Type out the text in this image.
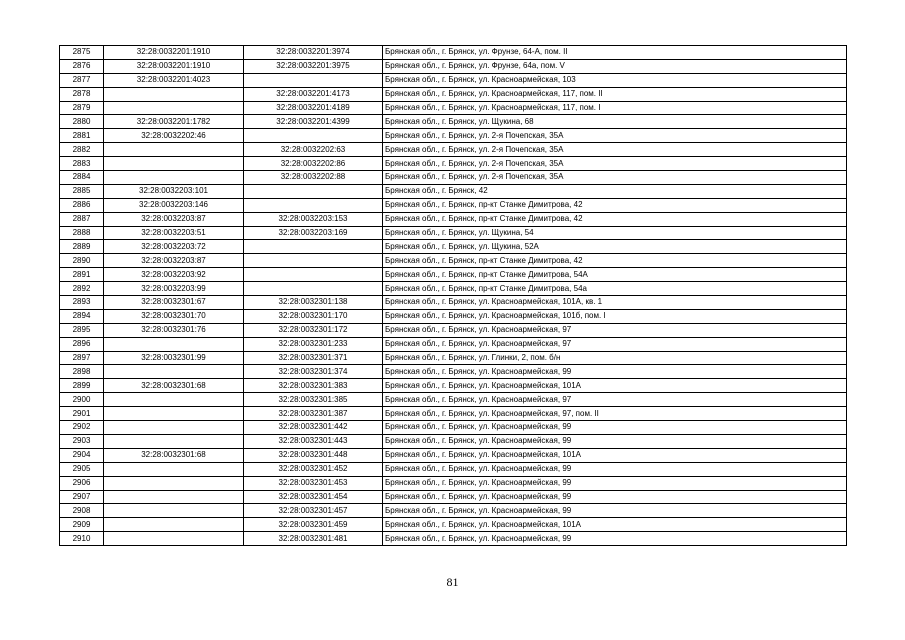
2875	32:28:0032201:1910	32:28:0032201:3974	Брянская обл., г. Брянск, ул. Фрунзе, 64-А, пом. II
2876	32:28:0032201:1910	32:28:0032201:3975	Брянская обл., г. Брянск, ул. Фрунзе, 64а, пом. V
2877	32:28:0032201:4023		Брянская обл., г. Брянск, ул. Красноармейская, 103
2878		32:28:0032201:4173	Брянская обл., г. Брянск, ул. Красноармейская, 117, пом. II
2879		32:28:0032201:4189	Брянская обл., г. Брянск, ул. Красноармейская, 117, пом. I
2880	32:28:0032201:1782	32:28:0032201:4399	Брянская обл., г. Брянск, ул. Щукина, 68
2881	32:28:0032202:46		Брянская обл., г. Брянск, ул. 2-я Почепская, 35А
2882		32:28:0032202:63	Брянская обл., г. Брянск, ул. 2-я Почепская, 35А
2883		32:28:0032202:86	Брянская обл., г. Брянск, ул. 2-я Почепская, 35А
2884		32:28:0032202:88	Брянская обл., г. Брянск, ул. 2-я Почепская, 35А
2885	32:28:0032203:101		Брянская обл., г. Брянск, 42
2886	32:28:0032203:146		Брянская обл., г. Брянск, пр-кт Станке Димитрова, 42
2887	32:28:0032203:87	32:28:0032203:153	Брянская обл., г. Брянск, пр-кт Станке Димитрова, 42
2888	32:28:0032203:51	32:28:0032203:169	Брянская обл., г. Брянск, ул. Щукина, 54
2889	32:28:0032203:72		Брянская обл., г. Брянск, ул. Щукина, 52А
2890	32:28:0032203:87		Брянская обл., г. Брянск, пр-кт Станке Димитрова, 42
2891	32:28:0032203:92		Брянская обл., г. Брянск, пр-кт Станке Димитрова, 54А
2892	32:28:0032203:99		Брянская обл., г. Брянск, пр-кт Станке Димитрова, 54а
2893	32:28:0032301:67	32:28:0032301:138	Брянская обл., г. Брянск, ул. Красноармейская, 101А, кв. 1
2894	32:28:0032301:70	32:28:0032301:170	Брянская обл., г. Брянск, ул. Красноармейская, 101б, пом. I
2895	32:28:0032301:76	32:28:0032301:172	Брянская обл., г. Брянск, ул. Красноармейская, 97
2896		32:28:0032301:233	Брянская обл., г. Брянск, ул. Красноармейская, 97
2897	32:28:0032301:99	32:28:0032301:371	Брянская обл., г. Брянск, ул. Глинки, 2, пом. б/н
2898		32:28:0032301:374	Брянская обл., г. Брянск, ул. Красноармейская, 99
2899	32:28:0032301:68	32:28:0032301:383	Брянская обл., г. Брянск, ул. Красноармейская, 101А
2900		32:28:0032301:385	Брянская обл., г. Брянск, ул. Красноармейская, 97
2901		32:28:0032301:387	Брянская обл., г. Брянск, ул. Красноармейская, 97, пом. II
2902		32:28:0032301:442	Брянская обл., г. Брянск, ул. Красноармейская, 99
2903		32:28:0032301:443	Брянская обл., г. Брянск, ул. Красноармейская, 99
2904	32:28:0032301:68	32:28:0032301:448	Брянская обл., г. Брянск, ул. Красноармейская, 101А
2905		32:28:0032301:452	Брянская обл., г. Брянск, ул. Красноармейская, 99
2906		32:28:0032301:453	Брянская обл., г. Брянск, ул. Красноармейская, 99
2907		32:28:0032301:454	Брянская обл., г. Брянск, ул. Красноармейская, 99
2908		32:28:0032301:457	Брянская обл., г. Брянск, ул. Красноармейская, 99
2909		32:28:0032301:459	Брянская обл., г. Брянск, ул. Красноармейская, 101А
2910		32:28:0032301:481	Брянская обл., г. Брянск, ул. Красноармейская, 99
81
